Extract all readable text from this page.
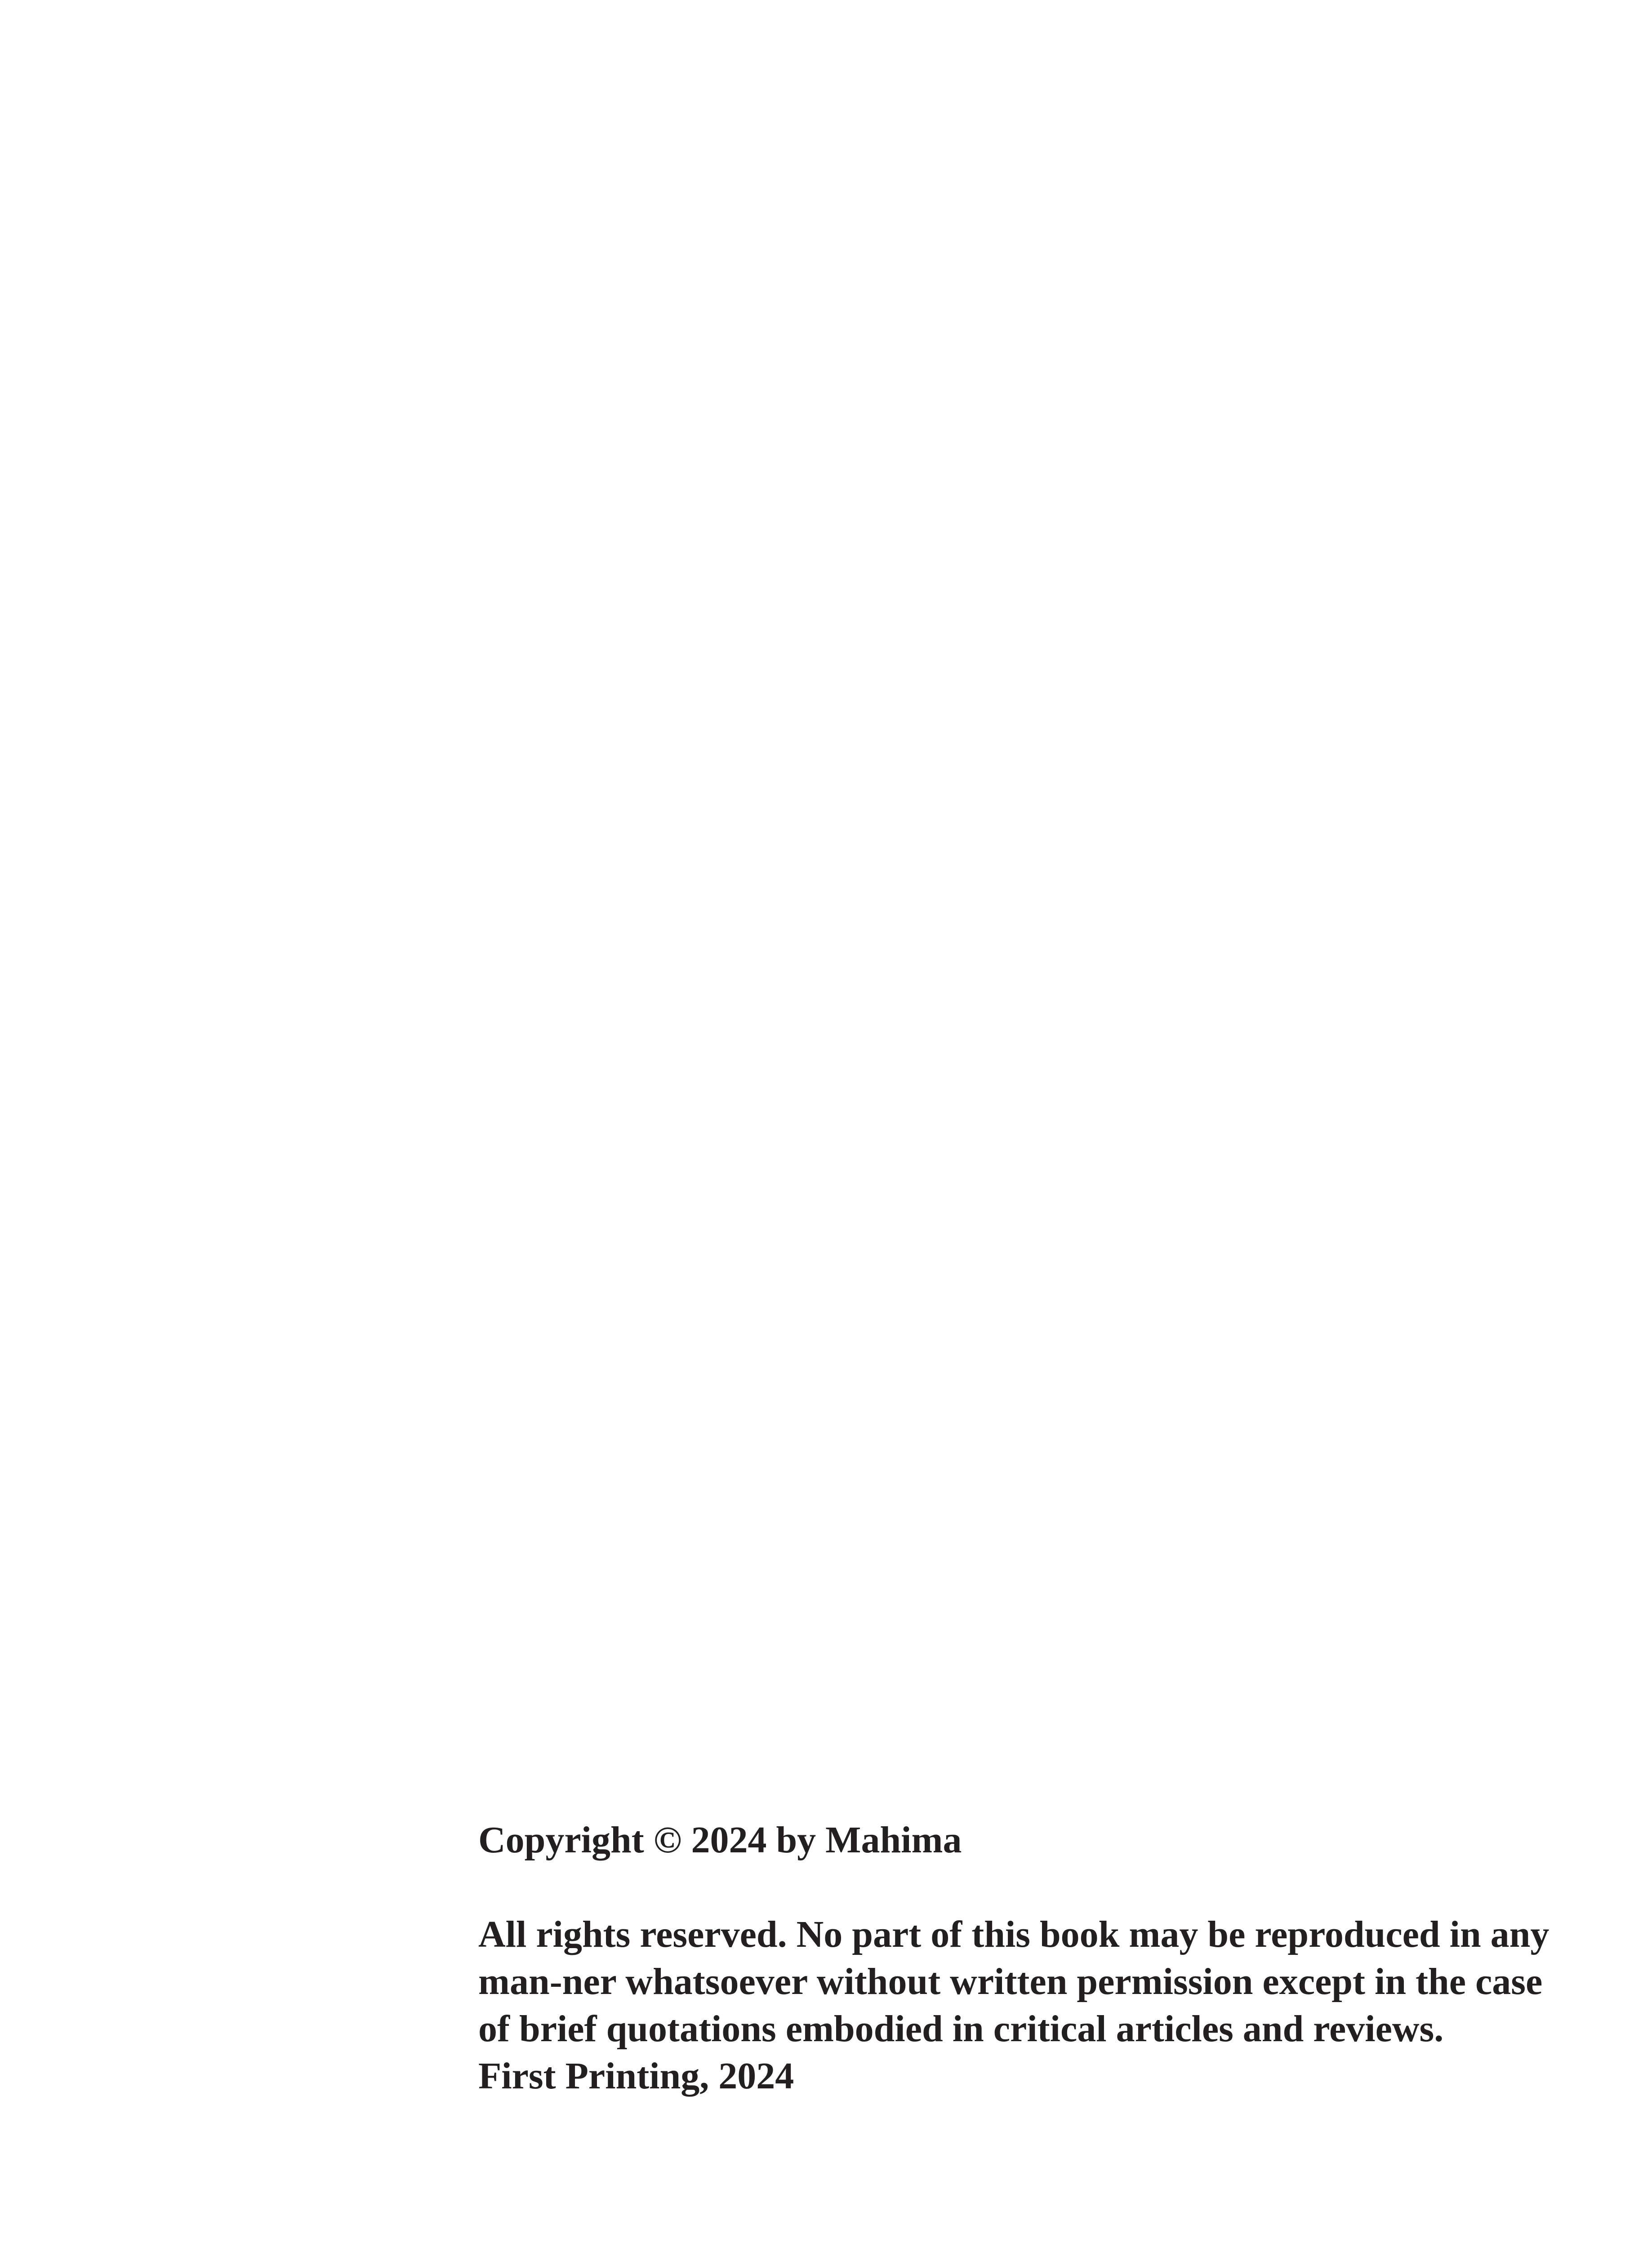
Copyright © 2024 by Mahima

All rights reserved. No part of this book may be reproduced in any

man-ner whatsoever without written permission except in the case

of brief quotations embodied in critical articles and reviews.

First Printing, 2024
